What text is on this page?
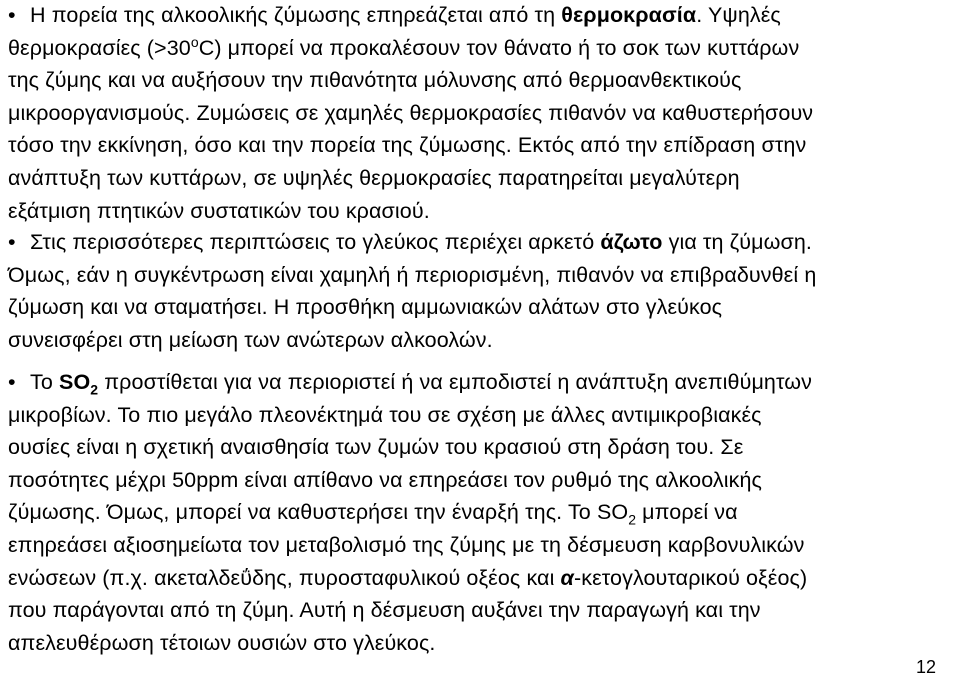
• Η πορεία της αλκοολικής ζύμωσης επηρεάζεται από τη θερμοκρασία. Υψηλές
θερμοκρασίες $(>30^oC)$ μπορεί να προκαλέσουν τον θάνατο ή το σοκ των κυττάρων
της ζύμης και να αυξήσουν την πιθανότητα μόλυνσης από θερμοανθεκτικούς
μικροοργανισμούς. Ζυμώσεις σε χαμηλές θερμοκρασίες πιθανόν να καθυστερήσουν
τόσο την εκκίνηση, όσο και την πορεία της ζύμωσης. Εκτός από την επίδραση στην
ανάπτυξη των κυττάρων, σε υψηλές θερμοκρασίες παρατηρείται μεγαλύτερη
εξάτμιση πτητικών συστατικών του κρασιού.
• Στις περισσότερες περιπτώσεις το γλεύκος περιέχει αρκετό άζωτο για τη ζύμωση.
Όμως, εάν η συγκέντρωση είναι χαμηλή ή περιορισμένη, πιθανόν να επιβραδυνθεί η
ζύμωση και να σταματήσει. Η προσθήκη αμμωνιακών αλάτων στο γλεύκος
συνεισφέρει στη μείωση των ανώτερων αλκοολών.
• Το $SO_2$ προστίθεται για να περιοριστεί ή να εμποδιστεί η ανάπτυξη ανεπιθύμητων
μικροβίων. Το πιο μεγάλο πλεονέκτημά του σε σχέση με άλλες αντιμικροβιακές
ουσίες είναι η σχετική αναισθησία των ζυμών του κρασιού στη δράση του. Σε
ποσότητες μέχρι 50ppm είναι απίθανο να επηρεάσει τον ρυθμό της αλκοολικής
ζύμωσης. Όμως, μπορεί να καθυστερήσει την έναρξή της. Το $SO_2$ μπορεί να
επηρεάσει αξιοσημείωτα τον μεταβολισμό της ζύμης με τη δέσμευση καρβονυλικών
ενώσεων (π.χ. ακεταλδεΰδης, πυροσταφυλικού οξέος και α-κετογλουταρικού οξέος)
που παράγονται από τη ζύμη. Αυτή η δέσμευση αυξάνει την παραγωγή και την
απελευθέρωση τέτοιων ουσιών στο γλεύκος.
12
